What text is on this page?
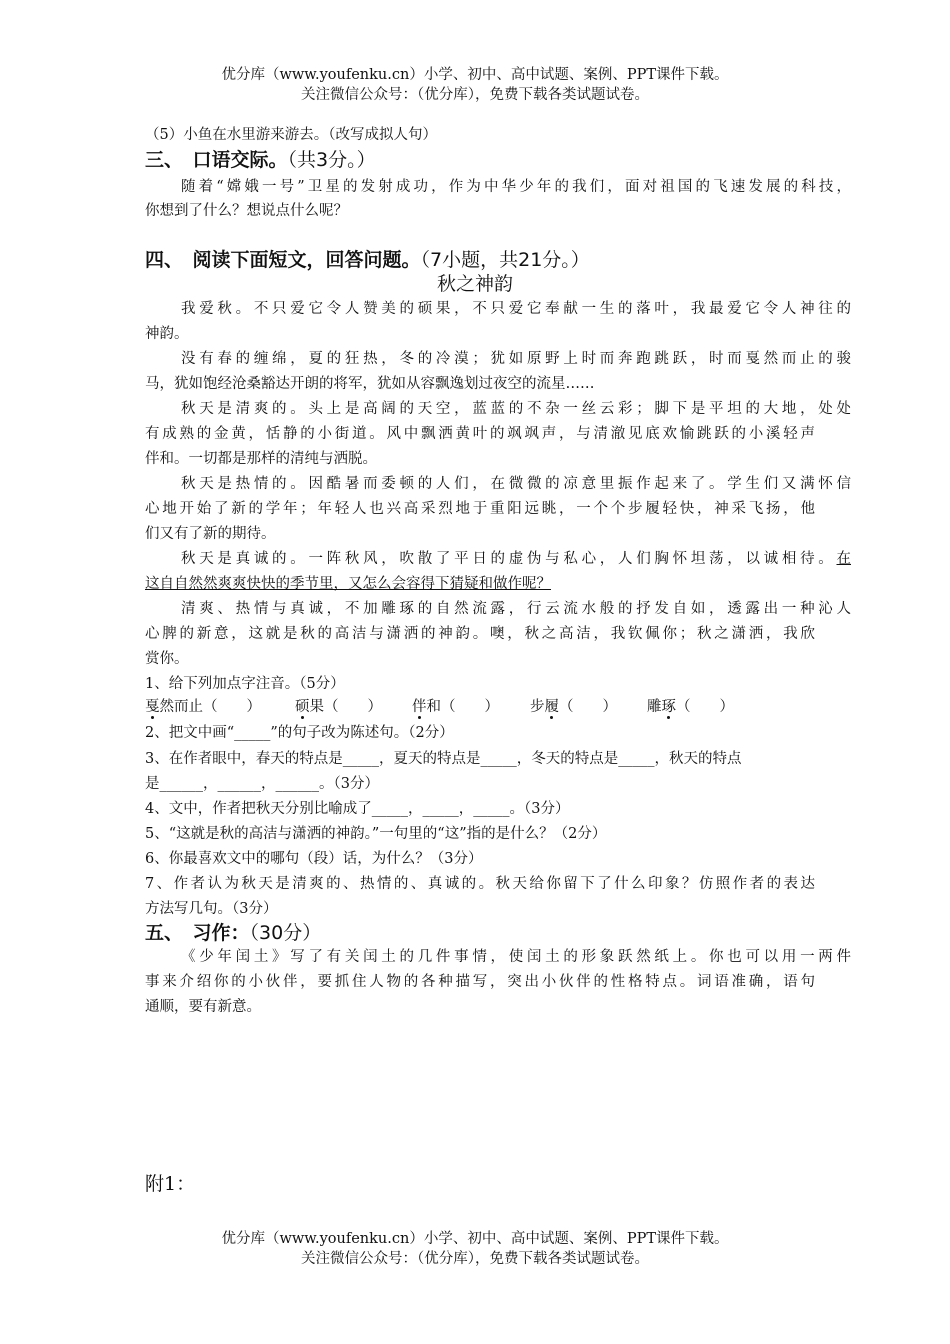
优分库（www.youfenku.cn）小学、初中、高中试题、案例、PPT课件下载。
关注微信公众号：（优分库），免费下载各类试题试卷。
（5）小鱼在水里游来游去。（改写成拟人句）
三、　口语交际。（共3分。）
随着“嫦娥一号”卫星的发射成功，作为中华少年的我们，面对祖国的飞速发展的科技，
你想到了什么？想说点什么呢？
四、　阅读下面短文，回答问题。（7小题，共21分。）
秋之神韵
我爱秋。不只爱它令人赞美的硕果，不只爱它奉献一生的落叶，我最爱它令人神往的
神韵。
没有春的缠绵，夏的狂热，冬的冷漠；犹如原野上时而奔跑跳跃，时而戛然而止的骏
马，犹如饱经沧桑豁达开朗的将军，犹如从容飘逸划过夜空的流星……
秋天是清爽的。头上是高阔的天空，蓝蓝的不杂一丝云彩；脚下是平坦的大地，处处
有成熟的金黄，恬静的小街道。风中飘洒黄叶的飒飒声，与清澈见底欢愉跳跃的小溪轻声
伴和。一切都是那样的清纯与洒脱。
秋天是热情的。因酷暑而委顿的人们，在微微的凉意里振作起来了。学生们又满怀信
心地开始了新的学年；年轻人也兴高采烈地于重阳远眺，一个个步履轻快，神采飞扬，他
们又有了新的期待。
秋天是真诚的。一阵秋风，吹散了平日的虚伪与私心，人们胸怀坦荡，以诚相待。在
这自自然然爽爽快快的季节里，又怎么会容得下猜疑和做作呢？
清爽、热情与真诚，不加雕琢的自然流露，行云流水般的抒发自如，透露出一种沁人
心脾的新意，这就是秋的高洁与潇洒的神韵。噢，秋之高洁，我钦佩你；秋之潇洒，我欣
赏你。
1、给下列加点字注音。（5分）
戛然而止（　　） 硕果（　　） 伴和（　　） 步履（　　） 雕琢（　　）
2、把文中画“_____”的句子改为陈述句。（2分）
3、在作者眼中，春天的特点是_____，夏天的特点是_____，冬天的特点是_____，秋天的特点
是______，______，______。（3分）
4、文中，作者把秋天分别比喻成了_____，_____，_____。（3分）
5、“这就是秋的高洁与潇洒的神韵。”一句里的“这”指的是什么？（2分）
6、你最喜欢文中的哪句（段）话，为什么？（3分）
7、作者认为秋天是清爽的、热情的、真诚的。秋天给你留下了什么印象？仿照作者的表达
方法写几句。（3分）
五、　习作：（30分）
《少年闰土》写了有关闰土的几件事情，使闰土的形象跃然纸上。你也可以用一两件
事来介绍你的小伙伴，要抓住人物的各种描写，突出小伙伴的性格特点。词语准确，语句
通顺，要有新意。
附1：
优分库（www.youfenku.cn）小学、初中、高中试题、案例、PPT课件下载。
关注微信公众号：（优分库），免费下载各类试题试卷。
